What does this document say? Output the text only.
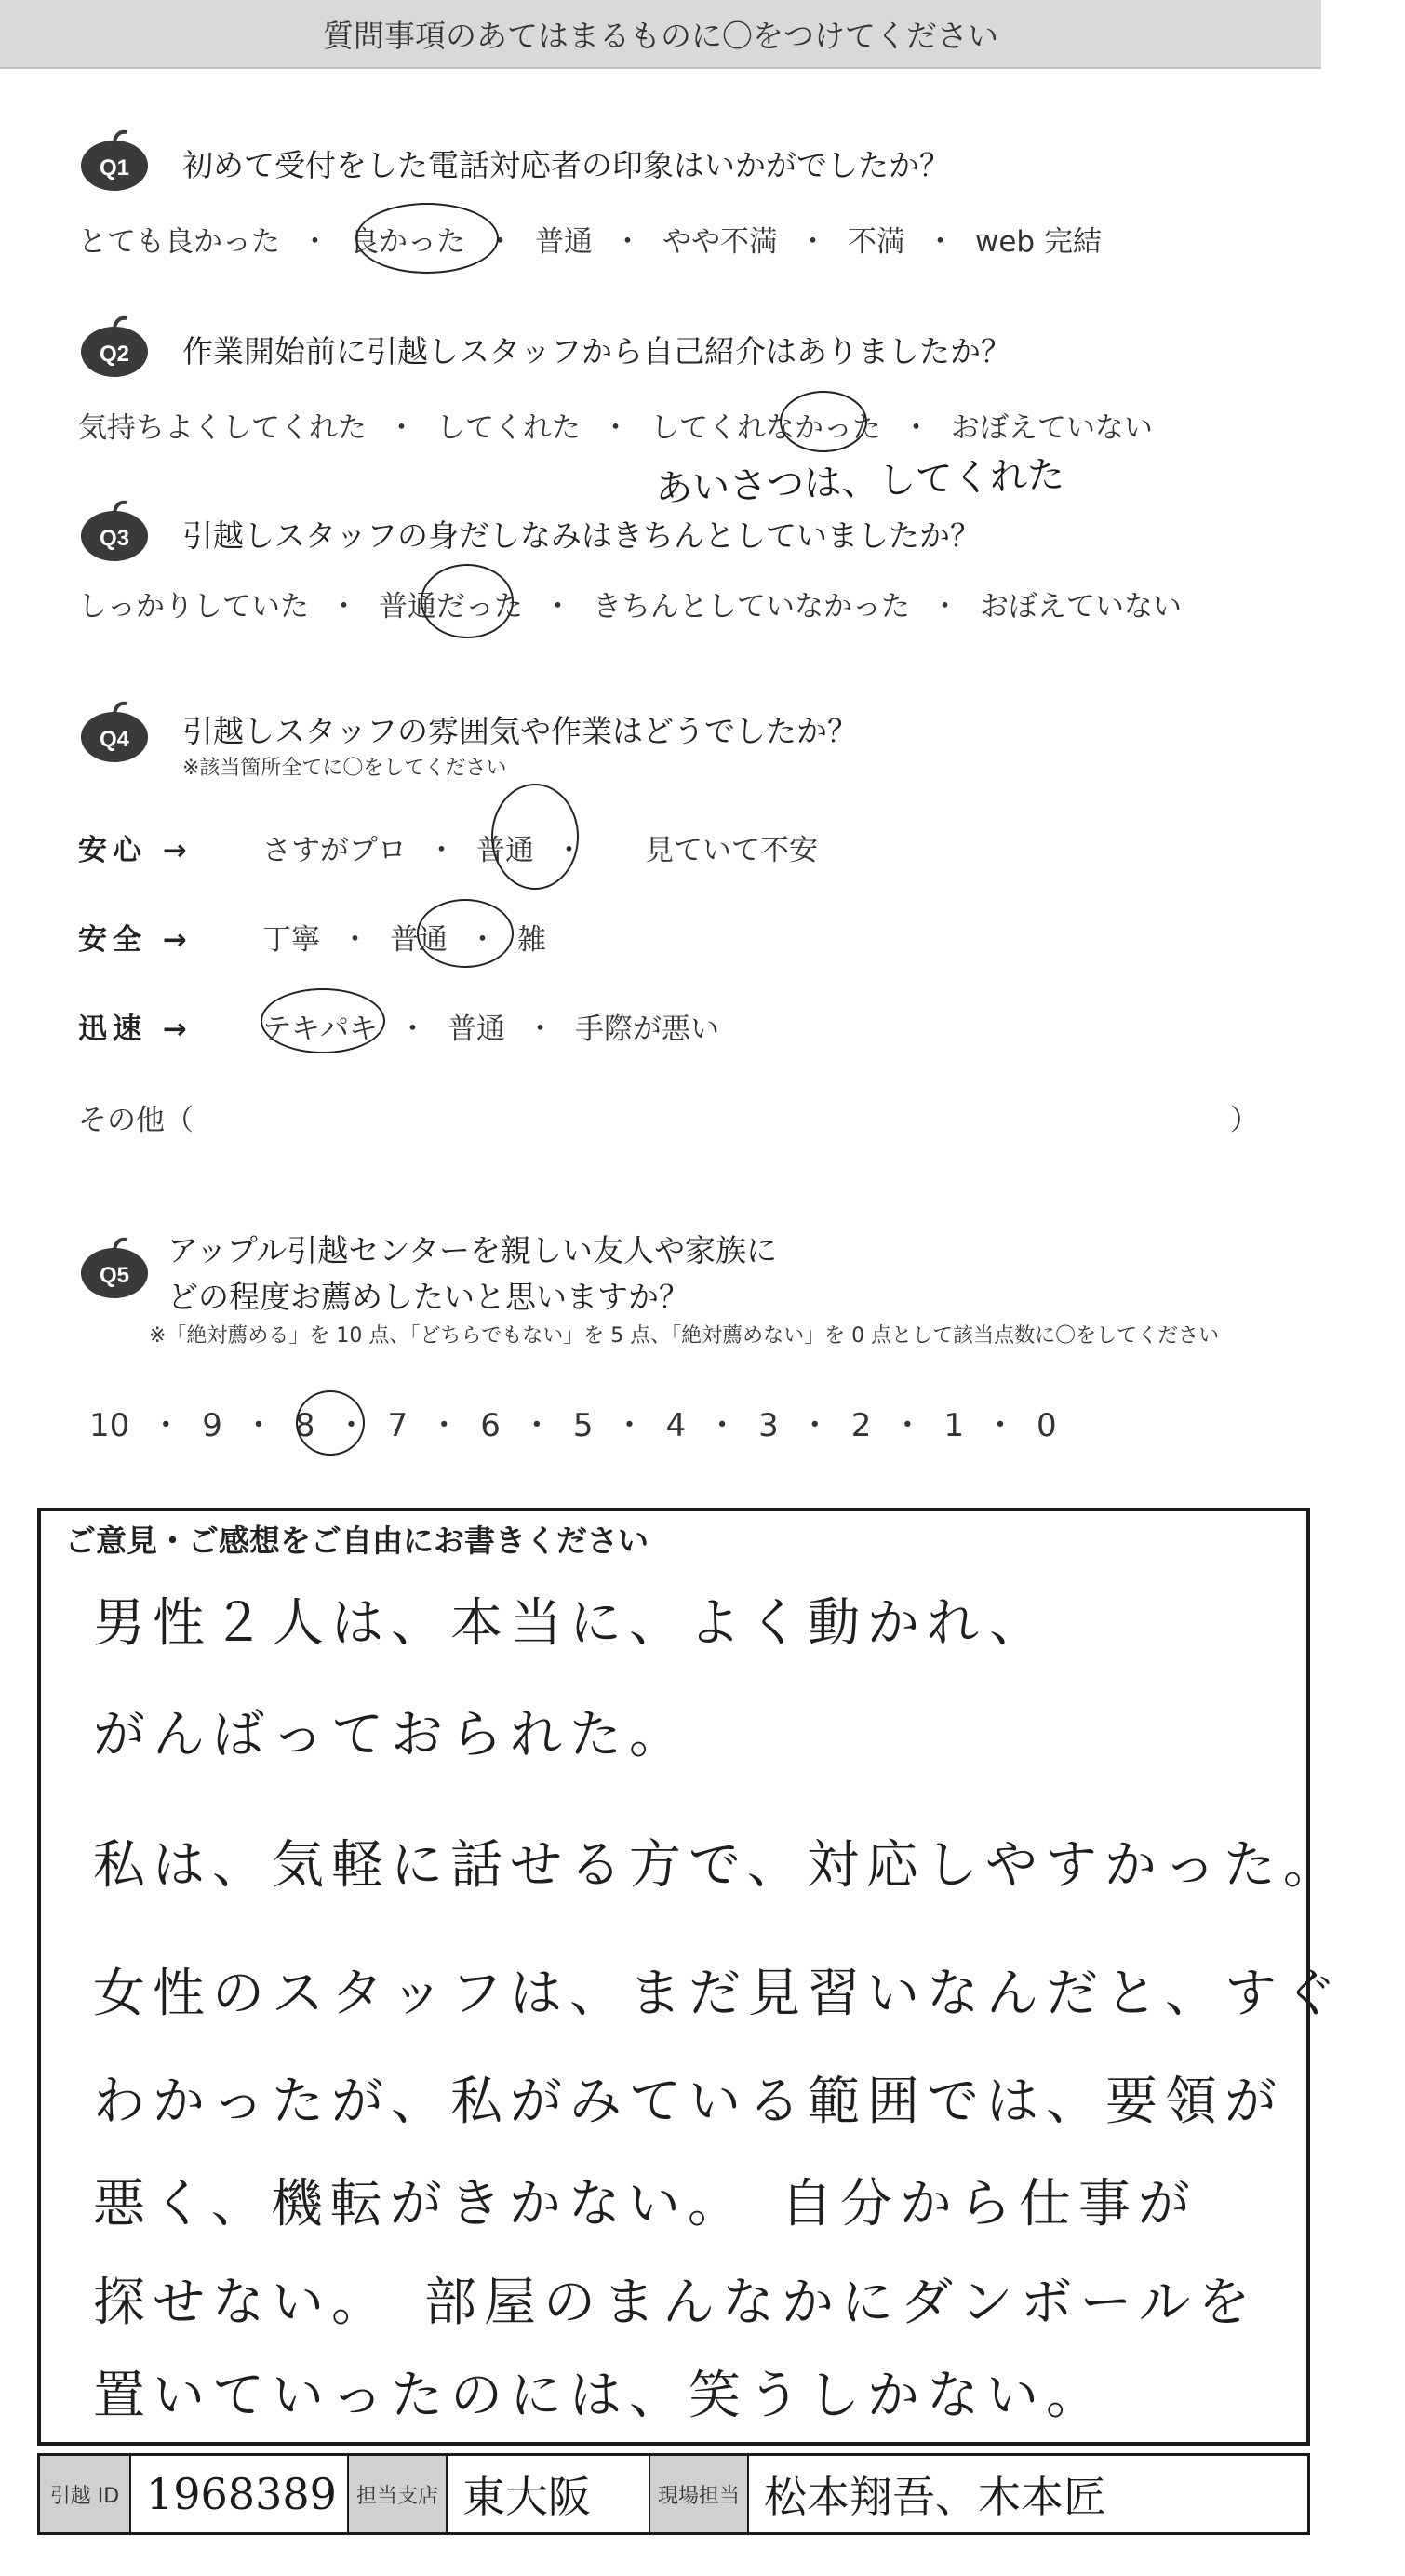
質問事項のあてはまるものに〇をつけてください
Q1 初めて受付をした電話対応者の印象はいかがでしたか？
とても良かった ・ 良かった ・ 普通 ・ やや不満 ・ 不満 ・ web 完結
Q2 作業開始前に引越しスタッフから自己紹介はありましたか？
気持ちよくしてくれた ・ してくれた ・ してくれなかった ・ おぼえていない
あいさつは、してくれた
Q3 引越しスタッフの身だしなみはきちんとしていましたか？
しっかりしていた ・ 普通だった ・ きちんとしていなかった ・ おぼえていない
Q4 引越しスタッフの雰囲気や作業はどうでしたか？
※該当箇所全てに〇をしてください
安心 → さすがプロ ・ 普通 ・ 見ていて不安
安全 → 丁寧 ・ 普通 ・ 雑
迅速 → テキパキ ・ 普通 ・ 手際が悪い
その他（	）
Q5
アップル引越センターを親しい友人や家族に
どの程度お薦めしたいと思いますか？
※「絶対薦める」を 10 点、「どちらでもない」を 5 点、「絶対薦めない」を 0 点として該当点数に〇をしてください
10 ・ 9 ・ 8 ・ 7 ・ 6 ・ 5 ・ 4 ・ 3 ・ 2 ・ 1 ・ 0
ご意見・ご感想をご自由にお書きください
男性２人は、本当に、よく動かれ、
がんばっておられた。
私は、気軽に話せる方で、対応しやすかった。
女性のスタッフは、まだ見習いなんだと、すぐ
わかったが、私がみている範囲では、要領が
悪く、機転がきかない。　自分から仕事が
探せない。　部屋のまんなかにダンボールを
置いていったのには、笑うしかない。
引越 ID 1968389 担当支店 東大阪	現場担当 松本翔吾、木本匠
